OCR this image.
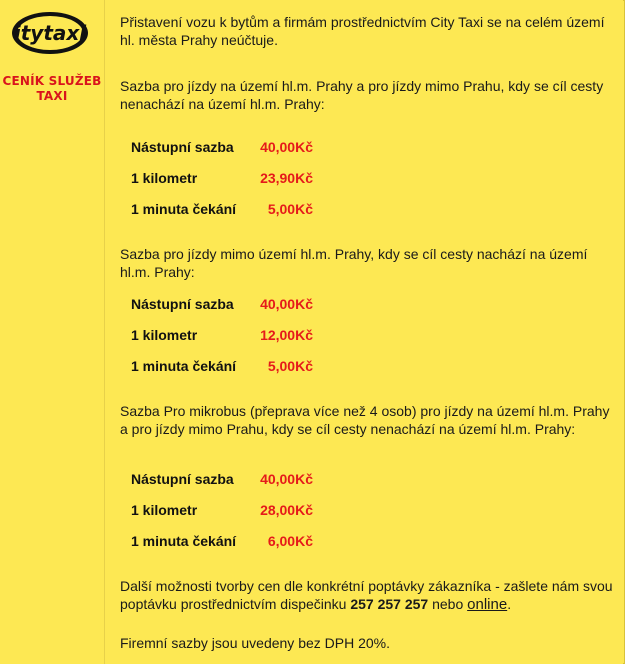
itytaxi
CENÍK SLUŽEB
TAXI
Přistavení vozu k bytům a firmám prostřednictvím City Taxi se na celém území hl. města Prahy neúčtuje.
Sazba pro jízdy na území hl.m. Prahy a pro jízdy mimo Prahu, kdy se cíl cesty nenachází na území hl.m. Prahy:
Nástupní sazba 40,00Kč
1 kilometr	23,90Kč
1 minuta čekání 5,00Kč
Sazba pro jízdy mimo území hl.m. Prahy, kdy se cíl cesty nachází na území hl.m. Prahy:
Nástupní sazba 40,00Kč
1 kilometr	12,00Kč
1 minuta čekání 5,00Kč
Sazba Pro mikrobus (přeprava více než 4 osob) pro jízdy na území hl.m. Prahy a pro jízdy mimo Prahu, kdy se cíl cesty nenachází na území hl.m. Prahy:
Nástupní sazba 40,00Kč
1 kilometr	28,00Kč
1 minuta čekání 6,00Kč
Další možnosti tvorby cen dle konkrétní poptávky zákazníka - zašlete nám svou poptávku prostřednictvím dispečinku 257 257 257 nebo online.
Firemní sazby jsou uvedeny bez DPH 20%.
